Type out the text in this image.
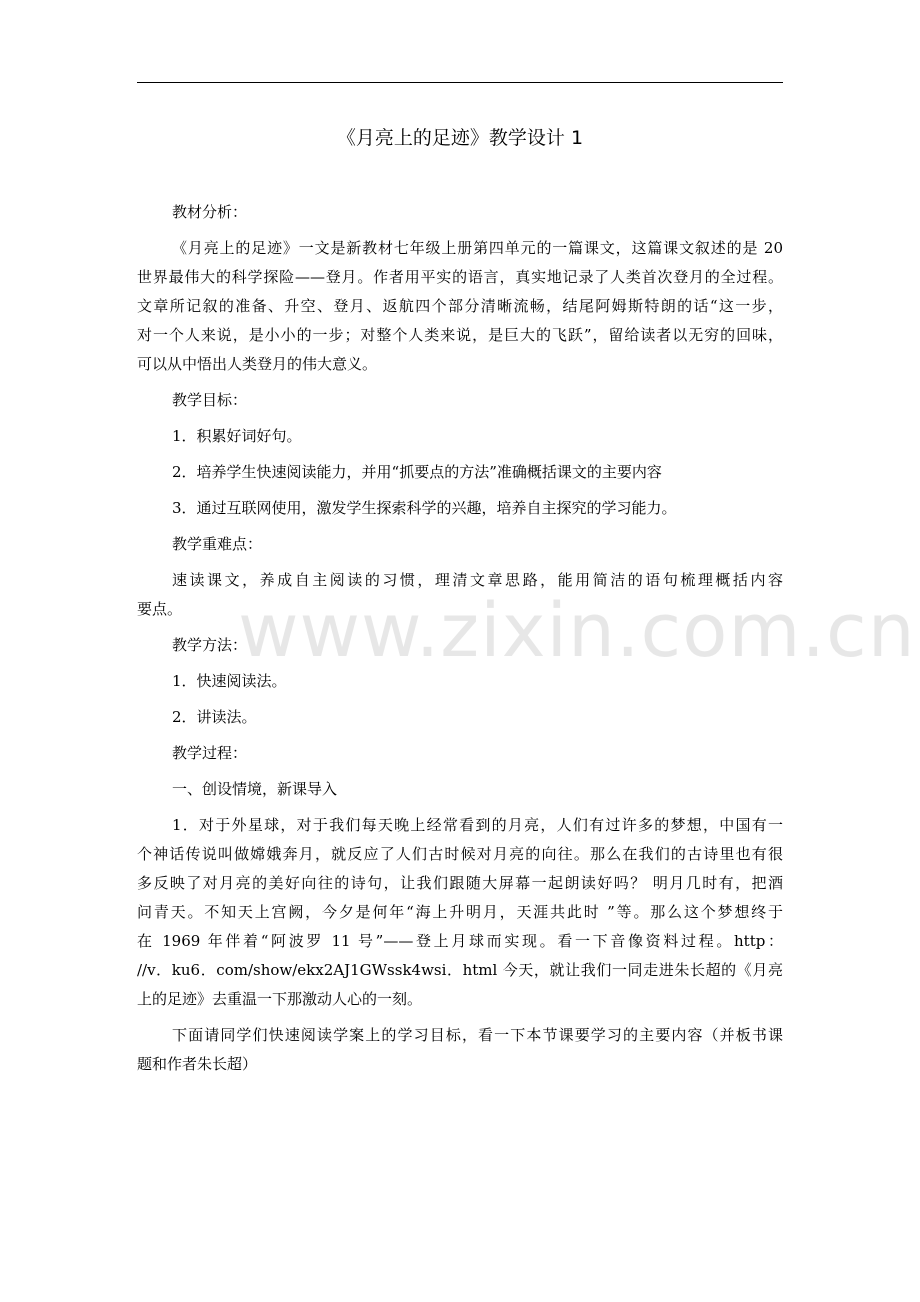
《月亮上的足迹》教学设计 1
www.zixin.com.cn
教材分析：
《月亮上的足迹》一文是新教材七年级上册第四单元的一篇课文，这篇课文叙述的是 20
世界最伟大的科学探险——登月。作者用平实的语言，真实地记录了人类首次登月的全过程。
文章所记叙的准备、升空、登月、返航四个部分清晰流畅，结尾阿姆斯特朗的话“这一步，
对一个人来说，是小小的一步；对整个人类来说，是巨大的飞跃”，留给读者以无穷的回味，
可以从中悟出人类登月的伟大意义。
教学目标：
1．积累好词好句。
2．培养学生快速阅读能力，并用“抓要点的方法”准确概括课文的主要内容
3．通过互联网使用，激发学生探索科学的兴趣，培养自主探究的学习能力。
教学重难点：
速读课文，养成自主阅读的习惯，理清文章思路，能用简洁的语句梳理概括内容
要点。
教学方法：
1．快速阅读法。
2．讲读法。
教学过程：
一、创设情境，新课导入
1．对于外星球，对于我们每天晚上经常看到的月亮，人们有过许多的梦想，中国有一
个神话传说叫做嫦娥奔月，就反应了人们古时候对月亮的向往。那么在我们的古诗里也有很
多反映了对月亮的美好向往的诗句，让我们跟随大屏幕一起朗读好吗？ 明月几时有，把酒
问青天。不知天上宫阙，今夕是何年“海上升明月，天涯共此时 ”等。那么这个梦想终于
在 1969 年伴着“阿波罗 11 号”——登上月球而实现。看一下音像资料过程。http：
//v．ku6．com/show/ekx2AJ1GWssk4wsi．html 今天，就让我们一同走进朱长超的《月亮
上的足迹》去重温一下那激动人心的一刻。
下面请同学们快速阅读学案上的学习目标，看一下本节课要学习的主要内容（并板书课
题和作者朱长超）
